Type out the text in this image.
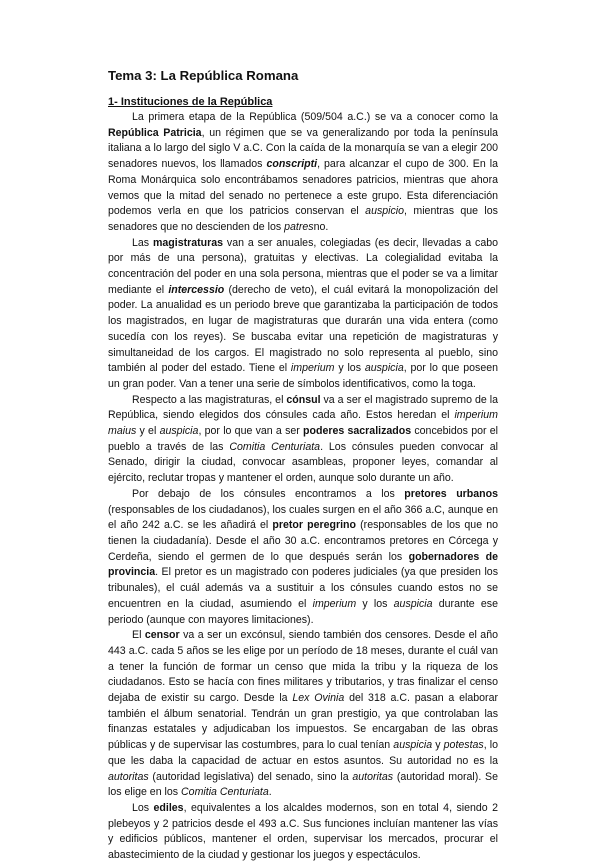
Tema 3: La República Romana
1- Instituciones de la República

La primera etapa de la República (509/504 a.C.) se va a conocer como la República Patricia, un régimen que se va generalizando por toda la península italiana a lo largo del siglo V a.C. Con la caída de la monarquía se van a elegir 200 senadores nuevos, los llamados conscripti, para alcanzar el cupo de 300. En la Roma Monárquica solo encontrábamos senadores patricios, mientras que ahora vemos que la mitad del senado no pertenece a este grupo. Esta diferenciación podemos verla en que los patricios conservan el auspicio, mientras que los senadores que no descienden de los patresno.

Las magistraturas van a ser anuales, colegiadas (es decir, llevadas a cabo por más de una persona), gratuitas y electivas. La colegialidad evitaba la concentración del poder en una sola persona, mientras que el poder se va a limitar mediante el intercessio (derecho de veto), el cuál evitará la monopolización del poder. La anualidad es un periodo breve que garantizaba la participación de todos los magistrados, en lugar de magistraturas que durarán una vida entera (como sucedía con los reyes). Se buscaba evitar una repetición de magistraturas y simultaneidad de los cargos. El magistrado no solo representa al pueblo, sino también al poder del estado. Tiene el imperium y los auspicia, por lo que poseen un gran poder. Van a tener una serie de símbolos identificativos, como la toga.

Respecto a las magistraturas, el cónsul va a ser el magistrado supremo de la República, siendo elegidos dos cónsules cada año. Estos heredan el imperium maius y el auspicia, por lo que van a ser poderes sacralizados concebidos por el pueblo a través de las Comitia Centuriata. Los cónsules pueden convocar al Senado, dirigir la ciudad, convocar asambleas, proponer leyes, comandar al ejército, reclutar tropas y mantener el orden, aunque solo durante un año.

Por debajo de los cónsules encontramos a los pretores urbanos (responsables de los ciudadanos), los cuales surgen en el año 366 a.C, aunque en el año 242 a.C. se les añadirá el pretor peregrino (responsables de los que no tienen la ciudadanía). Desde el año 30 a.C. encontramos pretores en Córcega y Cerdeña, siendo el germen de lo que después serán los gobernadores de provincia. El pretor es un magistrado con poderes judiciales (ya que presiden los tribunales), el cuál además va a sustituir a los cónsules cuando estos no se encuentren en la ciudad, asumiendo el imperium y los auspicia durante ese periodo (aunque con mayores limitaciones).

El censor va a ser un excónsul, siendo también dos censores. Desde el año 443 a.C. cada 5 años se les elige por un período de 18 meses, durante el cuál van a tener la función de formar un censo que mida la tribu y la riqueza de los ciudadanos. Esto se hacía con fines militares y tributarios, y tras finalizar el censo dejaba de existir su cargo. Desde la Lex Ovinia del 318 a.C. pasan a elaborar también el álbum senatorial. Tendrán un gran prestigio, ya que controlaban las finanzas estatales y adjudicaban los impuestos. Se encargaban de las obras públicas y de supervisar las costumbres, para lo cual tenían auspicia y potestas, lo que les daba la capacidad de actuar en estos asuntos. Su autoridad no es la autoritas (autoridad legislativa) del senado, sino la autoritas (autoridad moral). Se los elige en los Comitia Centuriata.

Los ediles, equivalentes a los alcaldes modernos, son en total 4, siendo 2 plebeyos y 2 patricios desde el 493 a.C. Sus funciones incluían mantener las vías y edificios públicos, mantener el orden, supervisar los mercados, procurar el abastecimiento de la ciudad y gestionar los juegos y espectáculos.
